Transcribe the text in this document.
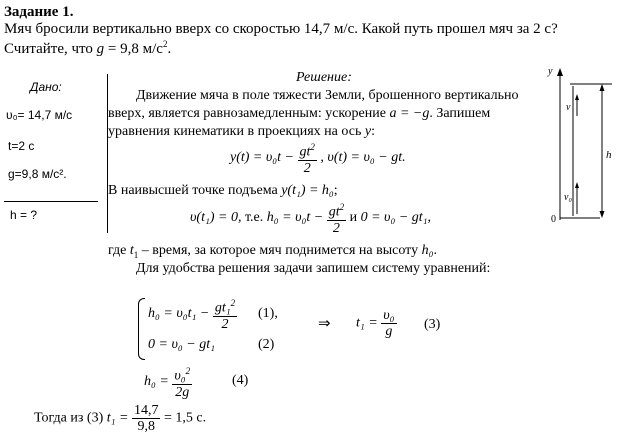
Задание 1.
Мяч бросили вертикально вверх со скоростью 14,7 м/с. Какой путь прошел мяч за 2 с?
Считайте, что g = 9,8 $м/с^2$.
Дано:
υ₀= 14,7 м/с
t=2 с
g=9,8 м/с².
h = ?
Решение:
Движение мяча в поле тяжести Земли, брошенного вертикально
вверх, является равнозамедленным: ускорение a = −g. Запишем
уравнения кинематики в проекциях на ось y:
$y(t) = \upsilon_0t - \frac{gt^2}{2}$ , υ(t) = υ₀ − gt.
В наивысшей точке подъема y(t₁) = h₀;
υ(t₁) = 0, т.е. $h_0 = \upsilon_0t - \frac{gt^2}{2}$ и 0 = υ₀ − gt₁,
где $t_1$ – время, за которое мяч поднимется на высоту h₀.
Для удобства решения задачи запишем систему уравнений:
$h_0 = \upsilon_0t_1 - \frac{gt_1^2}{2} (1)$,
0 = υ₀ − gt₁	(2)
⇒ $t_1 = \frac{\text{υ₀}}{g} (3)$
$h_0 = \frac{\upsilon_0^2}{2g}$	(4)
Тогда из (3) $t_1 = \frac{14,7}{9,8} = 1,5$ с.
y
0
v
v₀
h
